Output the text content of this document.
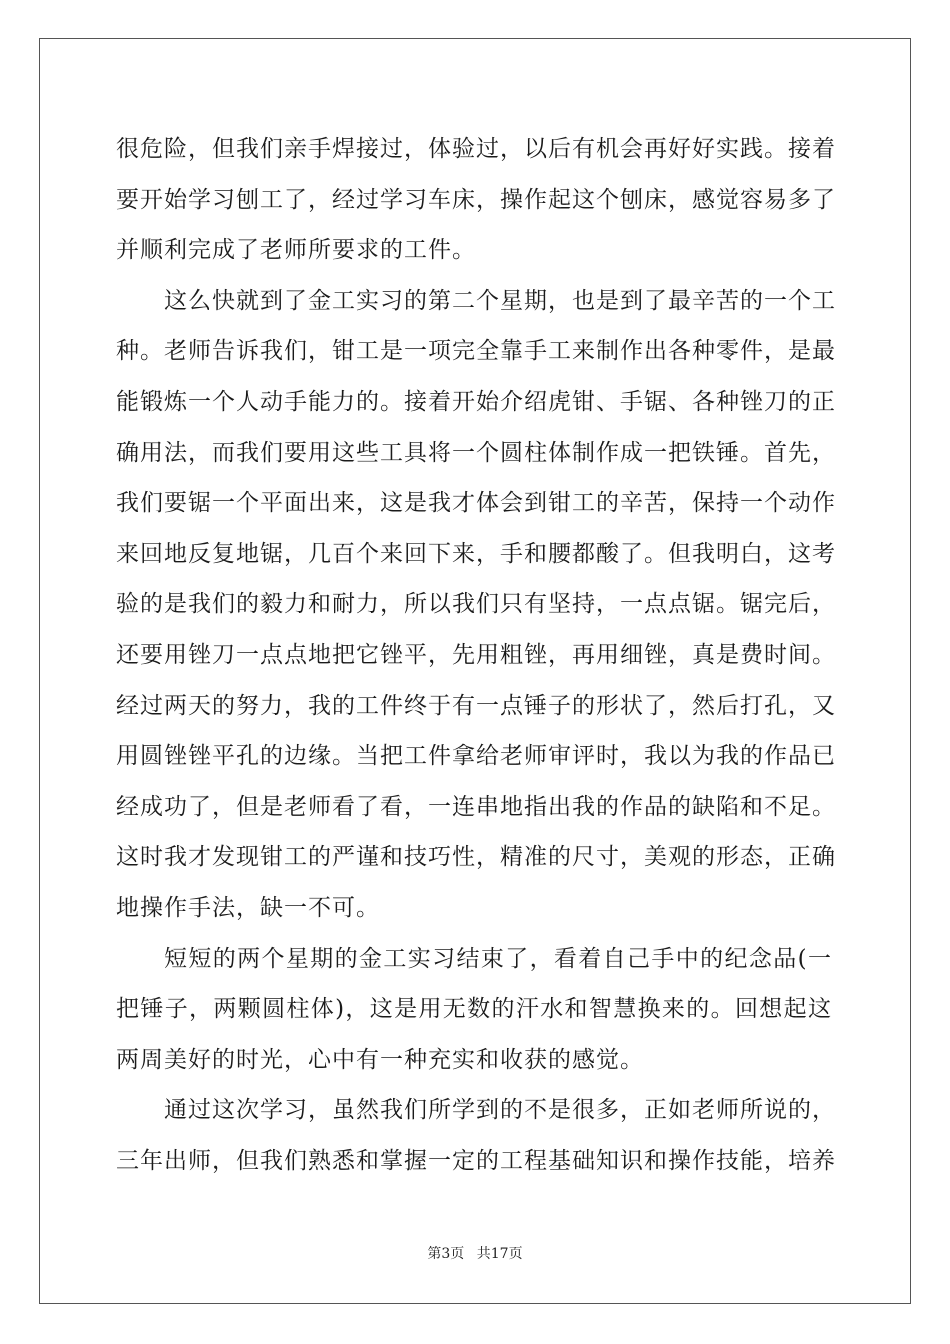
很危险，但我们亲手焊接过，体验过，以后有机会再好好实践。接着
要开始学习刨工了，经过学习车床，操作起这个刨床，感觉容易多了
并顺利完成了老师所要求的工件。
这么快就到了金工实习的第二个星期，也是到了最辛苦的一个工
种。老师告诉我们，钳工是一项完全靠手工来制作出各种零件，是最
能锻炼一个人动手能力的。接着开始介绍虎钳、手锯、各种锉刀的正
确用法，而我们要用这些工具将一个圆柱体制作成一把铁锤。首先，
我们要锯一个平面出来，这是我才体会到钳工的辛苦，保持一个动作
来回地反复地锯，几百个来回下来，手和腰都酸了。但我明白，这考
验的是我们的毅力和耐力，所以我们只有坚持，一点点锯。锯完后，
还要用锉刀一点点地把它锉平，先用粗锉，再用细锉，真是费时间。
经过两天的努力，我的工件终于有一点锤子的形状了，然后打孔，又
用圆锉锉平孔的边缘。当把工件拿给老师审评时，我以为我的作品已
经成功了，但是老师看了看，一连串地指出我的作品的缺陷和不足。
这时我才发现钳工的严谨和技巧性，精准的尺寸，美观的形态，正确
地操作手法，缺一不可。
短短的两个星期的金工实习结束了，看着自己手中的纪念品(一
把锤子，两颗圆柱体)，这是用无数的汗水和智慧换来的。回想起这
两周美好的时光，心中有一种充实和收获的感觉。
通过这次学习，虽然我们所学到的不是很多，正如老师所说的，
三年出师，但我们熟悉和掌握一定的工程基础知识和操作技能，培养
第3页 共17页
